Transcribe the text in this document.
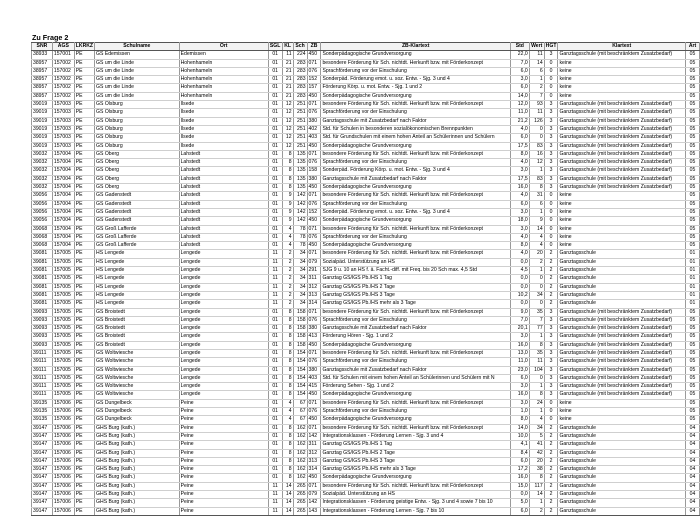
Zu Frage 2
SNR	AGS	LKRKZ	Schulname	Ort	SGL	KL	Sch	ZB	ZB-Klartext	Std	Wert	HGT	Klartext	Art
38933	157001	PE	GS Edemissen	Edemissen	01	11	224	450	Sonderpädagogische Grundversorgung	22,0	11	3	Ganztagsschule (mit beschränktem Zusatzbedarf)	05
38957	157002	PE	GS um die Linde	Hohenhameln	01	21	283	071	besondere Förderung für Sch. nichtdt. Herkunft bzw. mit Förderkonzept	7,0	14	0	keine	05
38957	157002	PE	GS um die Linde	Hohenhameln	01	21	283	076	Sprachförderung vor der Einschulung	6,0	6	0	keine	05
38957	157002	PE	GS um die Linde	Hohenhameln	01	21	283	152	Sonderpäd. Förderung emot. u. soz. Entw. - Sjg. 3 und 4	3,0	1	0	keine	05
38957	157002	PE	GS um die Linde	Hohenhameln	01	21	283	157	Förderung Körp. u. mot. Entw. - Sjg. 1 und 2	6,0	2	0	keine	05
38957	157002	PE	GS um die Linde	Hohenhameln	01	21	283	450	Sonderpädagogische Grundversorgung	14,0	7	0	keine	05
39019	157003	PE	GS Ölsburg	Ilsede	01	12	251	071	besondere Förderung für Sch. nichtdt. Herkunft bzw. mit Förderkonzept	12,0	93	3	Ganztagsschule (mit beschränktem Zusatzbedarf)	05
39019	157003	PE	GS Ölsburg	Ilsede	01	12	251	076	Sprachförderung vor der Einschulung	11,0	11	3	Ganztagsschule (mit beschränktem Zusatzbedarf)	05
39019	157003	PE	GS Ölsburg	Ilsede	01	12	251	380	Ganztagsschule mit Zusatzbedarf nach Faktor	21,2	126	3	Ganztagsschule (mit beschränktem Zusatzbedarf)	05
39019	157003	PE	GS Ölsburg	Ilsede	01	12	251	402	Std. für Schulen in besonderen sozialökonomischen Brennpunkten	4,0	0	3	Ganztagsschule (mit beschränktem Zusatzbedarf)	05
39019	157003	PE	GS Ölsburg	Ilsede	01	12	251	403	Std. für Grundschulen mit einem hohen Anteil an Schülerinnen und Schülern	6,0	0	3	Ganztagsschule (mit beschränktem Zusatzbedarf)	05
39019	157003	PE	GS Ölsburg	Ilsede	01	12	251	450	Sonderpädagogische Grundversorgung	17,5	83	3	Ganztagsschule (mit beschränktem Zusatzbedarf)	05
39032	157004	PE	GS Oberg	Lahstedt	01	8	135	071	besondere Förderung für Sch. nichtdt. Herkunft bzw. mit Förderkonzept	8,0	16	3	Ganztagsschule (mit beschränktem Zusatzbedarf)	05
39032	157004	PE	GS Oberg	Lahstedt	01	8	135	076	Sprachförderung vor der Einschulung	4,0	12	3	Ganztagsschule (mit beschränktem Zusatzbedarf)	05
39032	157004	PE	GS Oberg	Lahstedt	01	8	135	158	Sonderpäd. Förderung Körp. u. mot. Entw. - Sjg. 3 und 4	3,0	1	3	Ganztagsschule (mit beschränktem Zusatzbedarf)	05
39032	157004	PE	GS Oberg	Lahstedt	01	8	135	380	Ganztagsschule mit Zusatzbedarf nach Faktor	17,5	83	3	Ganztagsschule (mit beschränktem Zusatzbedarf)	05
39032	157004	PE	GS Oberg	Lahstedt	01	8	135	450	Sonderpädagogische Grundversorgung	16,0	8	3	Ganztagsschule (mit beschränktem Zusatzbedarf)	05
39056	157004	PE	GS Gadenstedt	Lahstedt	01	9	142	071	besondere Förderung für Sch. nichtdt. Herkunft bzw. mit Förderkonzept	4,0	31	0	keine	05
39056	157004	PE	GS Gadenstedt	Lahstedt	01	9	142	076	Sprachförderung vor der Einschulung	6,0	6	0	keine	05
39056	157004	PE	GS Gadenstedt	Lahstedt	01	9	142	152	Sonderpäd. Förderung emot. u. soz. Entw. - Sjg. 3 und 4	3,0	1	0	keine	05
39056	157004	PE	GS Gadenstedt	Lahstedt	01	9	142	450	Sonderpädagogische Grundversorgung	18,0	9	0	keine	05
39068	157004	PE	GS Groß Lafferde	Lahstedt	01	4	78	071	besondere Förderung für Sch. nichtdt. Herkunft bzw. mit Förderkonzept	3,0	14	0	keine	05
39068	157004	PE	GS Groß Lafferde	Lahstedt	01	4	78	076	Sprachförderung vor der Einschulung	4,0	4	0	keine	05
39068	157004	PE	GS Groß Lafferde	Lahstedt	01	4	78	450	Sonderpädagogische Grundversorgung	8,0	4	0	keine	05
39081	157005	PE	HS Lengede	Lengede	11	2	34	071	besondere Förderung für Sch. nichtdt. Herkunft bzw. mit Förderkonzept	4,0	20	2	Ganztagsschule	01
39081	157005	PE	HS Lengede	Lengede	11	2	34	079	Sozialpäd. Unterstützung an HS	0,0	2	2	Ganztagsschule	01
39081	157005	PE	HS Lengede	Lengede	11	2	34	291	SJG 9 u. 10 an HS f. ä. Facht.-diff. mit Freq. bis 20 Sch max. 4,5 Std	4,5	1	2	Ganztagsschule	01
39081	157005	PE	HS Lengede	Lengede	11	2	34	311	Ganztag GS/IGS Pb./HS 1 Tag	0,0	0	2	Ganztagsschule	01
39081	157005	PE	HS Lengede	Lengede	11	2	34	312	Ganztag GS/IGS Pb./HS 2 Tage	0,0	0	2	Ganztagsschule	01
39081	157005	PE	HS Lengede	Lengede	11	2	34	313	Ganztag GS/IGS Pb./HS 3 Tage	10,2	34	2	Ganztagsschule	01
39081	157005	PE	HS Lengede	Lengede	11	2	34	314	Ganztag GS/IGS Pb./HS mehr als 3 Tage	0,0	0	2	Ganztagsschule	01
39093	157005	PE	GS Broistedt	Lengede	01	8	158	071	besondere Förderung für Sch. nichtdt. Herkunft bzw. mit Förderkonzept	9,0	35	3	Ganztagsschule (mit beschränktem Zusatzbedarf)	05
39093	157005	PE	GS Broistedt	Lengede	01	8	158	076	Sprachförderung vor der Einschulung	7,0	7	3	Ganztagsschule (mit beschränktem Zusatzbedarf)	05
39093	157005	PE	GS Broistedt	Lengede	01	8	158	380	Ganztagsschule mit Zusatzbedarf nach Faktor	20,1	77	3	Ganztagsschule (mit beschränktem Zusatzbedarf)	05
39093	157005	PE	GS Broistedt	Lengede	01	8	158	413	Förderung Hören - Sjg. 1 und 2	3,0	1	3	Ganztagsschule (mit beschränktem Zusatzbedarf)	05
39093	157005	PE	GS Broistedt	Lengede	01	8	158	450	Sonderpädagogische Grundversorgung	16,0	8	3	Ganztagsschule (mit beschränktem Zusatzbedarf)	05
39111	157005	PE	GS Woltwiesche	Lengede	01	8	154	071	besondere Förderung für Sch. nichtdt. Herkunft bzw. mit Förderkonzept	13,0	35	3	Ganztagsschule (mit beschränktem Zusatzbedarf)	05
39111	157005	PE	GS Woltwiesche	Lengede	01	8	154	076	Sprachförderung vor der Einschulung	11,0	11	3	Ganztagsschule (mit beschränktem Zusatzbedarf)	05
39111	157005	PE	GS Woltwiesche	Lengede	01	8	154	380	Ganztagsschule mit Zusatzbedarf nach Faktor	23,0	104	3	Ganztagsschule (mit beschränktem Zusatzbedarf)	05
39111	157005	PE	GS Woltwiesche	Lengede	01	8	154	403	Std. für Schulen mit einem hohen Anteil an Schülerinnen und Schülern mit N	6,0	0	3	Ganztagsschule (mit beschränktem Zusatzbedarf)	05
39111	157005	PE	GS Woltwiesche	Lengede	01	8	154	415	Förderung Sehen - Sjg. 1 und 2	3,0	1	3	Ganztagsschule (mit beschränktem Zusatzbedarf)	05
39111	157005	PE	GS Woltwiesche	Lengede	01	8	154	450	Sonderpädagogische Grundversorgung	16,0	8	3	Ganztagsschule (mit beschränktem Zusatzbedarf)	05
39135	157006	PE	GS Dungelbeck	Peine	01	4	67	071	besondere Förderung für Sch. nichtdt. Herkunft bzw. mit Förderkonzept	3,0	24	0	keine	05
39135	157006	PE	GS Dungelbeck	Peine	01	4	67	076	Sprachförderung vor der Einschulung	1,0	1	0	keine	05
39135	157006	PE	GS Dungelbeck	Peine	01	4	67	450	Sonderpädagogische Grundversorgung	8,0	4	0	keine	05
39147	157006	PE	GHS Burg (kath.)	Peine	01	8	162	071	besondere Förderung für Sch. nichtdt. Herkunft bzw. mit Förderkonzept	14,0	34	2	Ganztagsschule	04
39147	157006	PE	GHS Burg (kath.)	Peine	01	8	162	142	Integrationsklassen - Förderung Lernen - Sjg. 3 und 4	10,0	5	2	Ganztagsschule	04
39147	157006	PE	GHS Burg (kath.)	Peine	01	8	162	311	Ganztag GS/IGS Pb./HS 1 Tag	4,1	41	2	Ganztagsschule	04
39147	157006	PE	GHS Burg (kath.)	Peine	01	8	162	312	Ganztag GS/IGS Pb./HS 2 Tage	8,4	42	2	Ganztagsschule	04
39147	157006	PE	GHS Burg (kath.)	Peine	01	8	162	313	Ganztag GS/IGS Pb./HS 3 Tage	6,0	20	2	Ganztagsschule	04
39147	157006	PE	GHS Burg (kath.)	Peine	01	8	162	314	Ganztag GS/IGS Pb./HS mehr als 3 Tage	17,2	38	2	Ganztagsschule	04
39147	157006	PE	GHS Burg (kath.)	Peine	01	8	162	450	Sonderpädagogische Grundversorgung	16,0	8	2	Ganztagsschule	04
39147	157006	PE	GHS Burg (kath.)	Peine	11	14	265	071	besondere Förderung für Sch. nichtdt. Herkunft bzw. mit Förderkonzept	15,0	117	2	Ganztagsschule	04
39147	157006	PE	GHS Burg (kath.)	Peine	11	14	265	079	Sozialpäd. Unterstützung an HS	0,0	14	2	Ganztagsschule	04
39147	157006	PE	GHS Burg (kath.)	Peine	11	14	265	142	Integrationsklassen - Förderung geistige Entw. - Sjg. 3 und 4 sowie 7 bis 10	5,0	1	2	Ganztagsschule	04
39147	157006	PE	GHS Burg (kath.)	Peine	11	14	265	143	Integrationsklassen - Förderung Lernen - Sjg. 7 bis 10	6,0	2	2	Ganztagsschule	04
